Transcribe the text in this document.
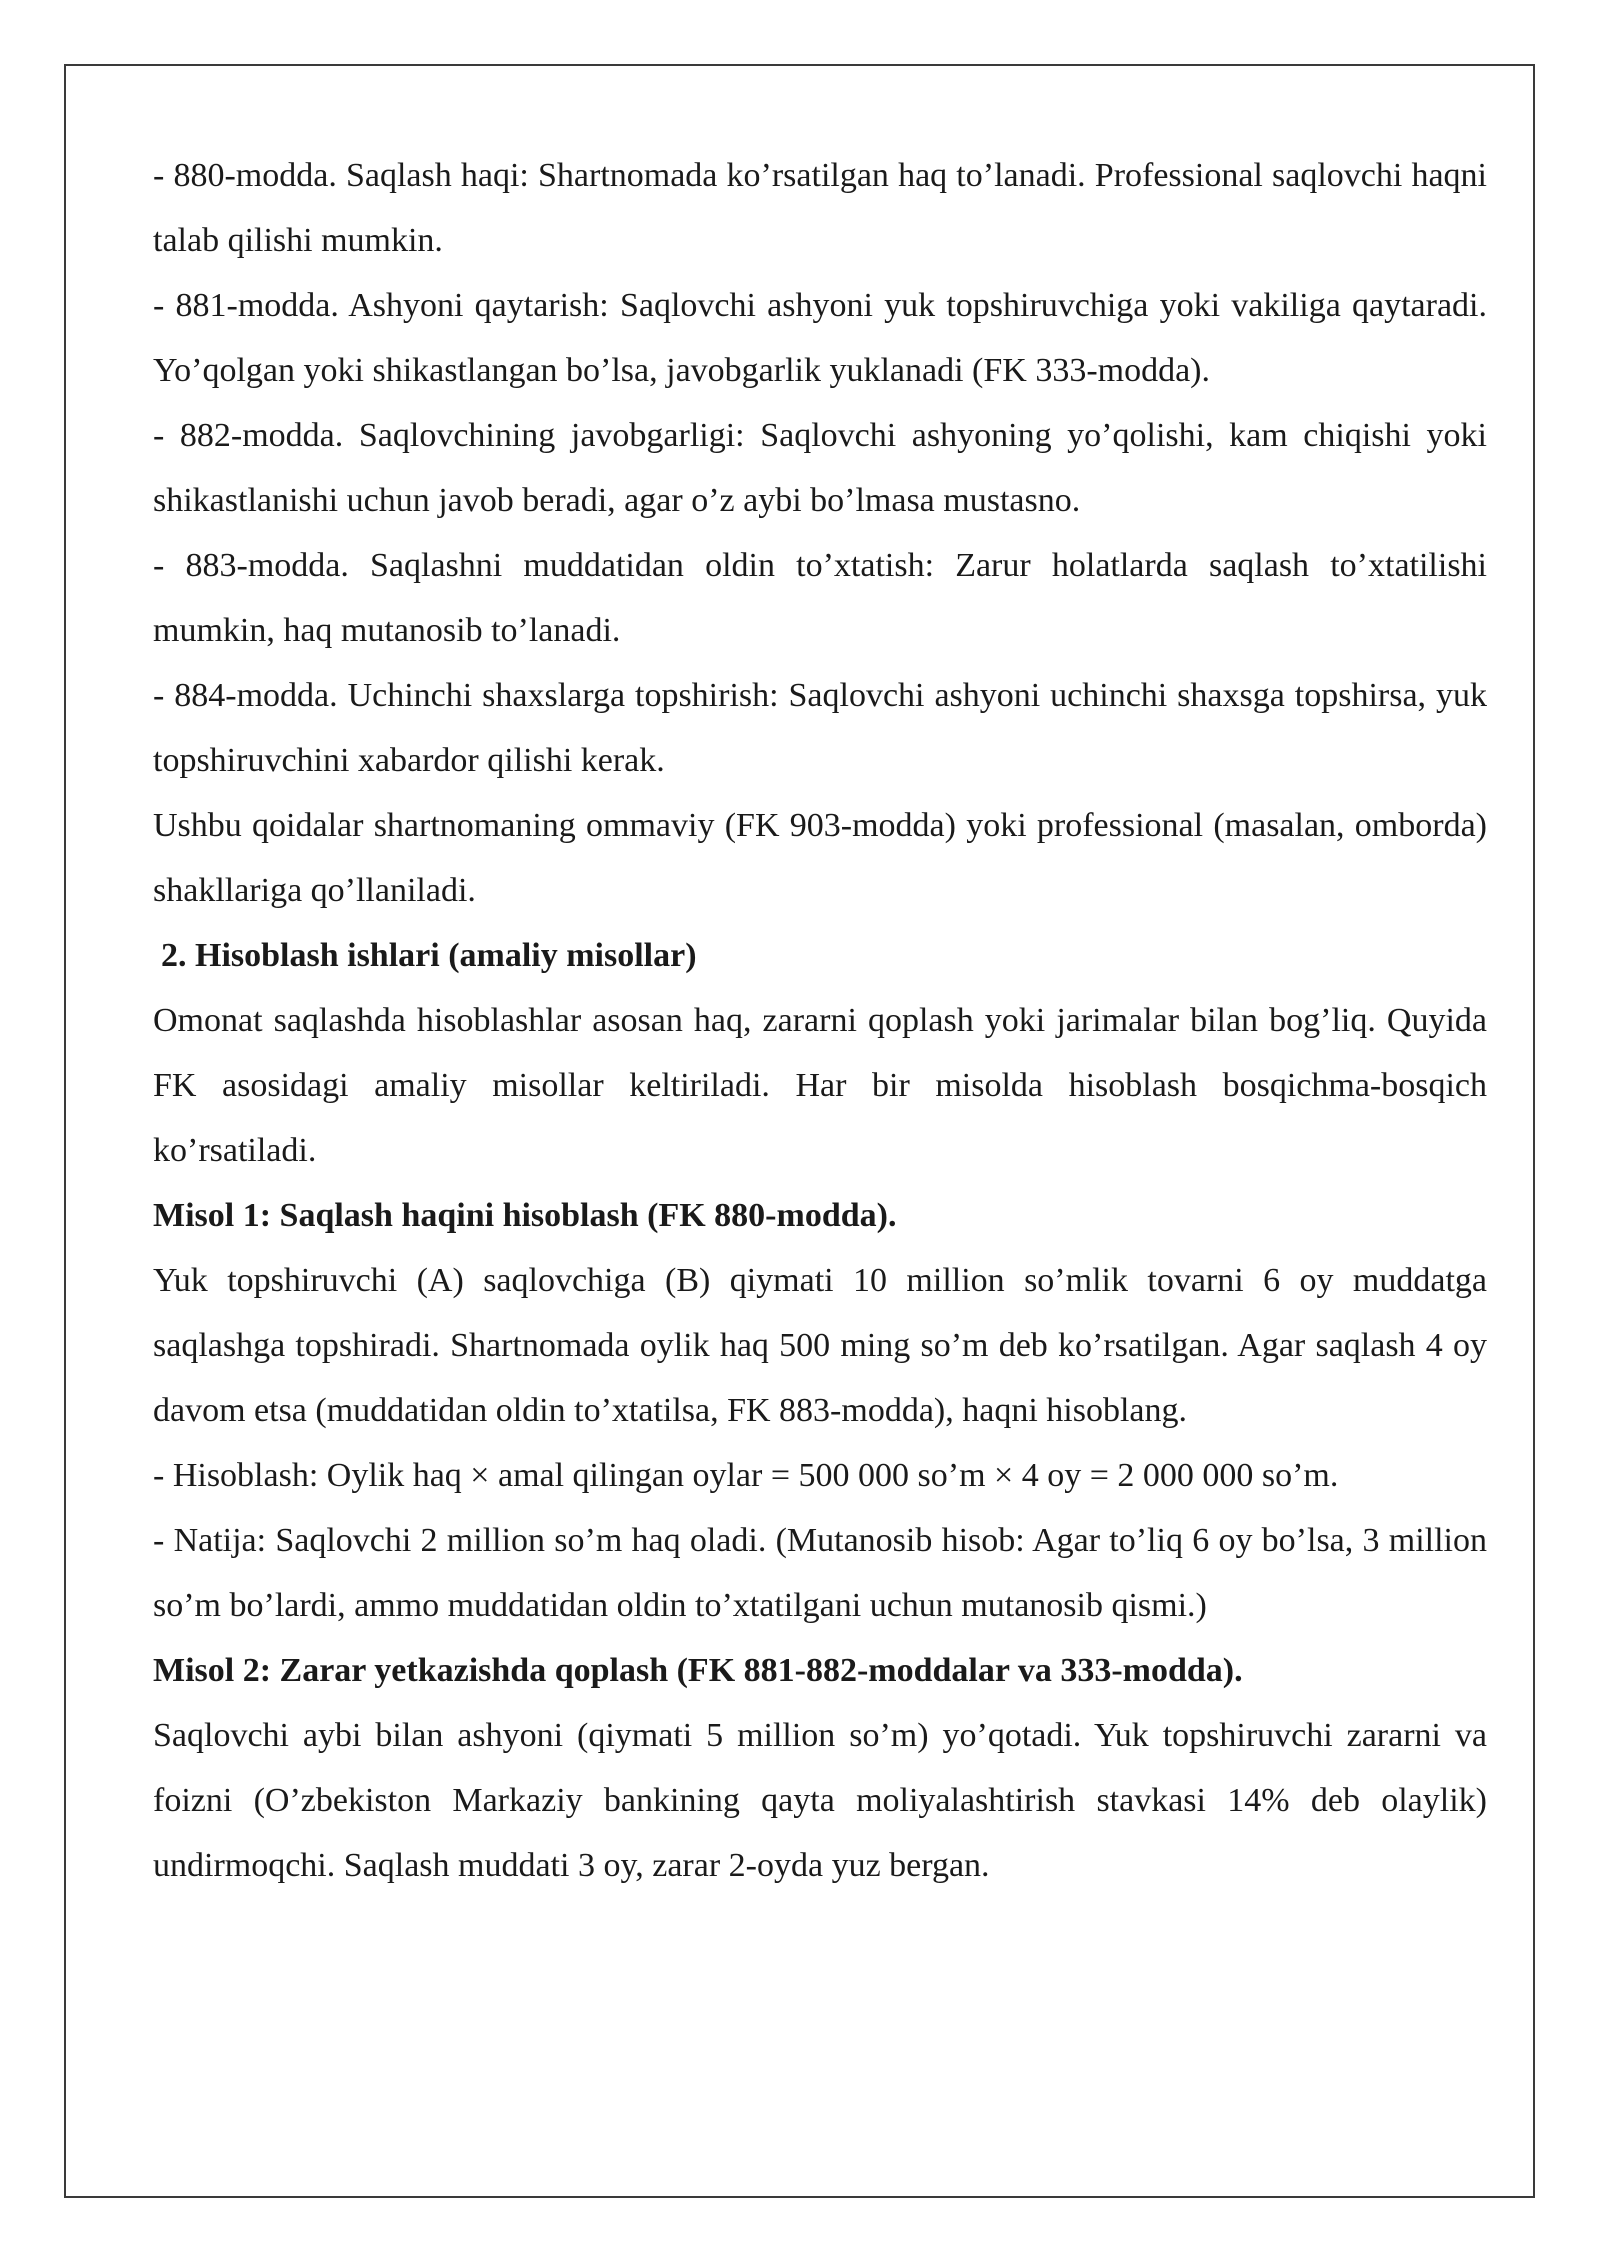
- 880-modda. Saqlash haqi: Shartnomada ko’rsatilgan haq to’lanadi. Professional saqlovchi haqni talab qilishi mumkin.

- 881-modda. Ashyoni qaytarish: Saqlovchi ashyoni yuk topshiruvchiga yoki vakiliga qaytaradi. Yo’qolgan yoki shikastlangan bo’lsa, javobgarlik yuklanadi (FK 333-modda).

- 882-modda. Saqlovchining javobgarligi: Saqlovchi ashyoning yo’qolishi, kam chiqishi yoki shikastlanishi uchun javob beradi, agar o’z aybi bo’lmasa mustasno.

- 883-modda. Saqlashni muddatidan oldin to’xtatish: Zarur holatlarda saqlash to’xtatilishi mumkin, haq mutanosib to’lanadi.

- 884-modda. Uchinchi shaxslarga topshirish: Saqlovchi ashyoni uchinchi shaxsga topshirsa, yuk topshiruvchini xabardor qilishi kerak.

Ushbu qoidalar shartnomaning ommaviy (FK 903-modda) yoki professional (masalan, omborda) shakllariga qo’llaniladi.

2. Hisoblash ishlari (amaliy misollar)

Omonat saqlashda hisoblashlar asosan haq, zararni qoplash yoki jarimalar bilan bog’liq. Quyida FK asosidagi amaliy misollar keltiriladi. Har bir misolda hisoblash bosqichma-bosqich ko’rsatiladi.

Misol 1: Saqlash haqini hisoblash (FK 880-modda).

Yuk topshiruvchi (A) saqlovchiga (B) qiymati 10 million so’mlik tovarni 6 oy muddatga saqlashga topshiradi. Shartnomada oylik haq 500 ming so’m deb ko’rsatilgan. Agar saqlash 4 oy davom etsa (muddatidan oldin to’xtatilsa, FK 883-modda), haqni hisoblang.

- Hisoblash: Oylik haq × amal qilingan oylar = 500 000 so’m × 4 oy = 2 000 000 so’m.

- Natija: Saqlovchi 2 million so’m haq oladi. (Mutanosib hisob: Agar to’liq 6 oy bo’lsa, 3 million so’m bo’lardi, ammo muddatidan oldin to’xtatilgani uchun mutanosib qismi.)

Misol 2: Zarar yetkazishda qoplash (FK 881-882-moddalar va 333-modda).

Saqlovchi aybi bilan ashyoni (qiymati 5 million so’m) yo’qotadi. Yuk topshiruvchi zararni va foizni (O’zbekiston Markaziy bankining qayta moliyalashtirish stavkasi 14% deb olaylik) undirmoqchi. Saqlash muddati 3 oy, zarar 2-oyda yuz bergan.
